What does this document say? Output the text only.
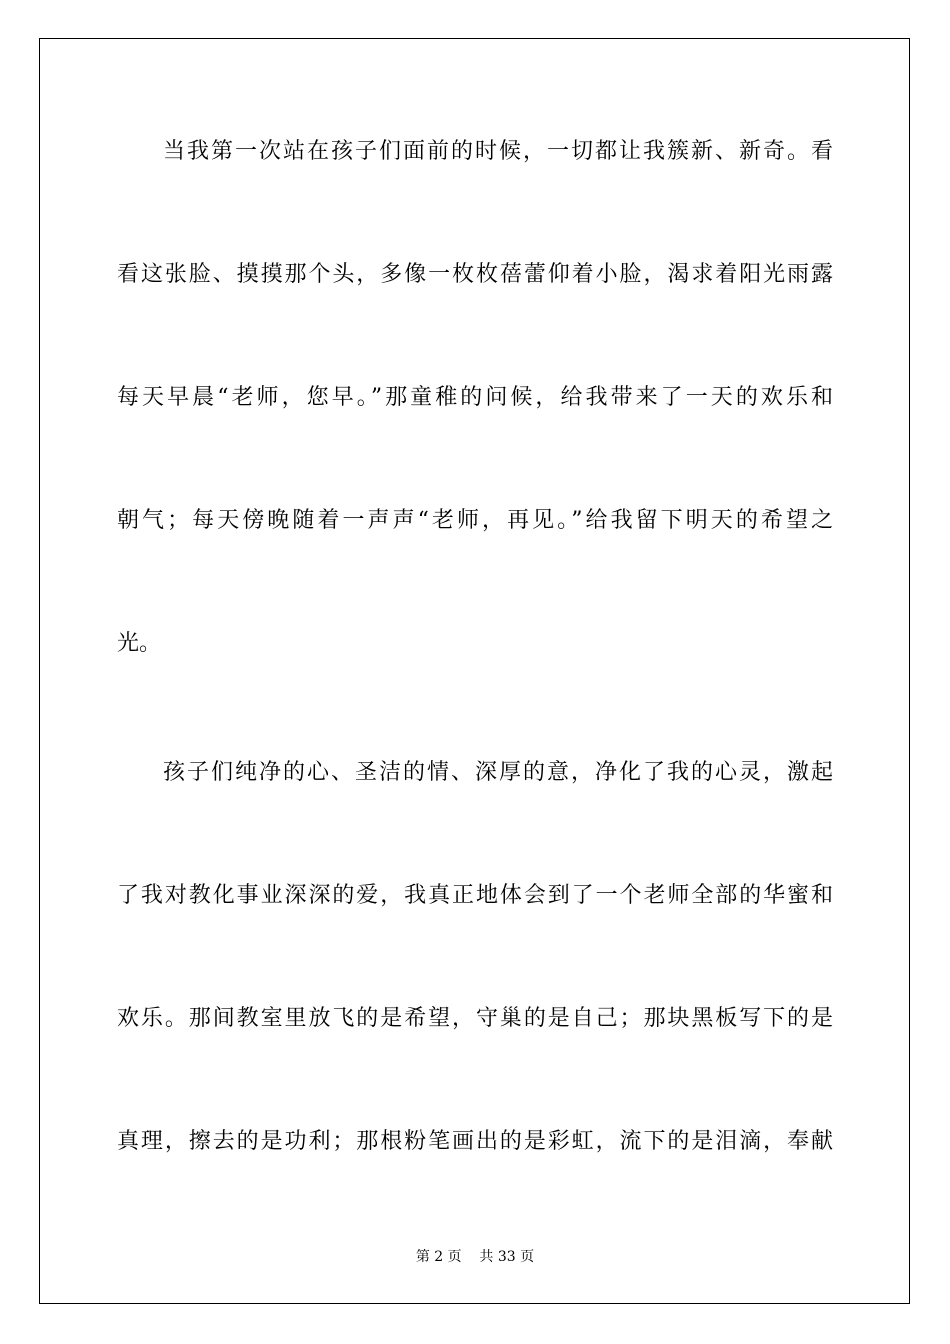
当我第一次站在孩子们面前的时候，一切都让我簇新、新奇。看
看这张脸、摸摸那个头，多像一枚枚蓓蕾仰着小脸，渴求着阳光雨露
每天早晨“老师，您早。”那童稚的问候，给我带来了一天的欢乐和
朝气；每天傍晚随着一声声“老师，再见。”给我留下明天的希望之
光。
孩子们纯净的心、圣洁的情、深厚的意，净化了我的心灵，激起
了我对教化事业深深的爱，我真正地体会到了一个老师全部的华蜜和
欢乐。那间教室里放飞的是希望，守巢的是自己；那块黑板写下的是
真理，擦去的是功利；那根粉笔画出的是彩虹，流下的是泪滴，奉献
第 2 页    共 33 页
